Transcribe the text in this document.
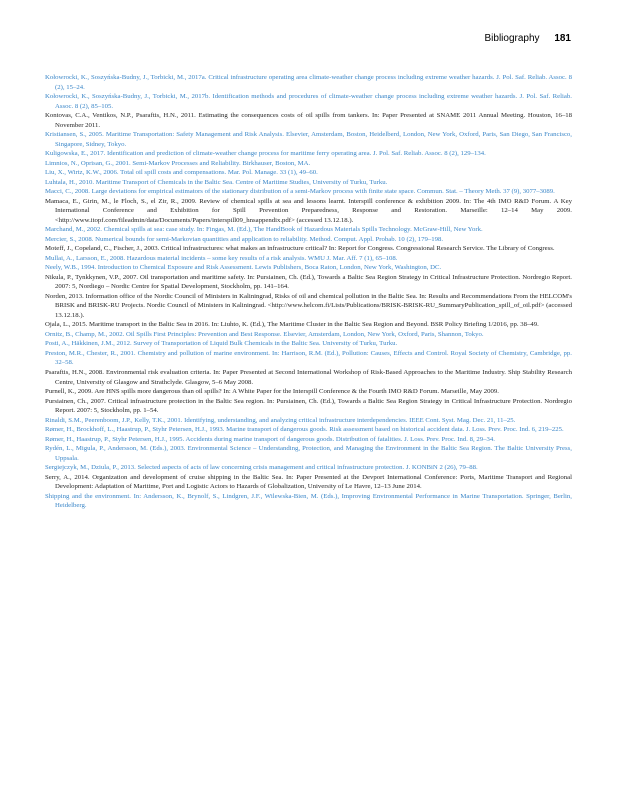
Bibliography 181

Kołowrocki, K., Soszyńska-Budny, J., Torbicki, M., 2017a. Critical infrastructure operating area climate-weather change process including extreme weather hazards. J. Pol. Saf. Reliab. Assoc. 8 (2), 15–24.

Kołowrocki, K., Soszyńska-Budny, J., Torbicki, M., 2017b. Identification methods and procedures of climate-weather change process including extreme weather hazards. J. Pol. Saf. Reliab. Assoc. 8 (2), 85–105.

Kontovas, C.A., Ventikos, N.P., Psaraftis, H.N., 2011. Estimating the consequences costs of oil spills from tankers. In: Paper Presented at SNAME 2011 Annual Meeting. Houston, 16–18 November 2011.

Kristiansen, S., 2005. Maritime Transportation: Safety Management and Risk Analysis. Elsevier, Amsterdam, Boston, Heidelberd, London, New York, Oxford, Paris, San Diego, San Francisco, Singapore, Sidney, Tokyo.

Kuligowska, E., 2017. Identification and prediction of climate-weather change process for maritime ferry operating area. J. Pol. Saf. Reliab. Assoc. 8 (2), 129–134.

Limnios, N., Oprisan, G., 2001. Semi-Markov Processes and Reliability. Birkhauser, Boston, MA.

Liu, X., Wirtz, K.W., 2006. Total oil spill costs and compensations. Mar. Pol. Manage. 33 (1), 49–60.

Luhtala, H., 2010. Maritime Transport of Chemicals in the Baltic Sea. Centre of Maritime Studies, University of Turku, Turku.

Macci, C., 2008. Large deviations for empirical estimators of the stationary distribution of a semi-Markov process with finite state space. Commun. Stat. – Theory Meth. 37 (9), 3077–3089.

Mamaca, E., Girin, M., le Floch, S., el Zir, R., 2009. Review of chemical spills at sea and lessons learnt. Interspill conference & exhibition 2009. In: The 4th IMO R&D Forum. A Key International Conference and Exhibition for Spill Prevention Preparedness, Response and Restoration. Marseille: 12–14 May 2009. <http://www.itopf.com/fileadmin/data/Documents/Papers/interspill09_hnsappendix.pdf> (accessed 13.12.18.).

Marchand, M., 2002. Chemical spills at sea: case study. In: Fingas, M. (Ed.), The HandBook of Hazardous Materials Spills Technology. McGraw-Hill, New York.

Mercier, S., 2008. Numerical bounds for semi-Markovian quantities and application to reliability. Method. Comput. Appl. Probab. 10 (2), 179–198.

Moteff, J., Copeland, C., Fischer, J., 2003. Critical infrastructures: what makes an infrastructure critical? In: Report for Congress. Congressional Research Service. The Library of Congress.

Mullai, A., Larsson, E., 2008. Hazardous material incidents – some key results of a risk analysis. WMU J. Mar. Aff. 7 (1), 65–108.

Neely, W.B., 1994. Introduction to Chemical Exposure and Risk Assessment. Lewis Publishers, Boca Raton, London, New York, Washington, DC.

Nikula, P., Tynkkynen, V.P., 2007. Oil transportation and maritime safety. In: Pursiainen, Ch. (Ed.), Towards a Baltic Sea Region Strategy in Critical Infrastructure Protection. Nordregio Report. 2007: 5, Nordiego – Nordic Centre for Spatial Development, Stockholm, pp. 141–164.

Norden, 2013. Information office of the Nordic Council of Ministers in Kaliningrad, Risks of oil and chemical pollution in the Baltic Sea. In: Results and Recommendations From the HELCOM's BRISK and BRISK-RU Projects. Nordic Council of Ministers in Kaliningrad. <http://www.helcom.fi/Lists/Publications/BRISK-BRISK-RU_SummaryPublication_spill_of_oil.pdf> (accessed 13.12.18.).

Ojala, L., 2015. Maritime transport in the Baltic Sea in 2016. In: Liuhto, K. (Ed.), The Maritime Cluster in the Baltic Sea Region and Beyond. BSR Policy Briefing 1/2016, pp. 38–49.

Ornitz, B., Champ, M., 2002. Oil Spills First Principles: Prevention and Best Response. Elsevier, Amsterdam, London, New York, Oxford, Paris, Shannon, Tokyo.

Posti, A., Häkkinen, J.M., 2012. Survey of Transportation of Liquid Bulk Chemicals in the Baltic Sea. University of Turku, Turku.

Preston, M.R., Chester, R., 2001. Chemistry and pollution of marine environment. In: Harrison, R.M. (Ed.), Pollution: Causes, Effects and Control. Royal Society of Chemistry, Cambridge, pp. 32–58.

Psaraftis, H.N., 2008. Environmental risk evaluation criteria. In: Paper Presented at Second International Workshop of Risk-Based Approaches to the Maritime Industry. Ship Stability Research Centre, University of Glasgow and Strathclyde. Glasgow, 5–6 May 2008.

Purnell, K., 2009. Are HNS spills more dangerous than oil spills? In: A White Paper for the Interspill Conference & the Fourth IMO R&D Forum. Marseille, May 2009.

Pursiainen, Ch., 2007. Critical infrastructure protection in the Baltic Sea region. In: Pursiainen, Ch. (Ed.), Towards a Baltic Sea Region Strategy in Critical Infrastructure Protection. Nordregio Report. 2007: 5, Stockholm, pp. 1–54.

Rinaldi, S.M., Peerenboom, J.P., Kelly, T.K., 2001. Identifying, understanding, and analyzing critical infrastructure interdependencies. IEEE Cont. Syst. Mag. Dec. 21, 11–25.

Rømer, H., Brockhoff, L., Haastrup, P., Styhr Petersen, H.J., 1993. Marine transport of dangerous goods. Risk assessment based on historical accident data. J. Loss. Prev. Proc. Ind. 6, 219–225.

Rømer, H., Haastrup, P., Styhr Petersen, H.J., 1995. Accidents during marine transport of dangerous goods. Distribution of fatalities. J. Loss. Prev. Proc. Ind. 8, 29–34.

Rydén, L., Migula, P., Andersson, M. (Eds.), 2003. Environmental Science – Understanding, Protection, and Managing the Environment in the Baltic Sea Region. The Baltic University Press, Uppsala.

Sergiejczyk, M., Dziula, P., 2013. Selected aspects of acts of law concerning crisis management and critical infrastructure protection. J. KONBiN 2 (26), 79–88.

Serry, A., 2014. Organization and development of cruise shipping in the Baltic Sea. In: Paper Presented at the Devport International Conference: Ports, Maritime Transport and Regional Development: Adaptation of Maritime, Port and Logistic Actors to Hazards of Globalization, University of Le Havre, 12–13 June 2014.

Shipping and the environment. In: Andersson, K., Brynolf, S., Lindgren, J.F., Wilewska-Bien, M. (Eds.), Improving Environmental Performance in Marine Transportation. Springer, Berlin, Heidelberg.
